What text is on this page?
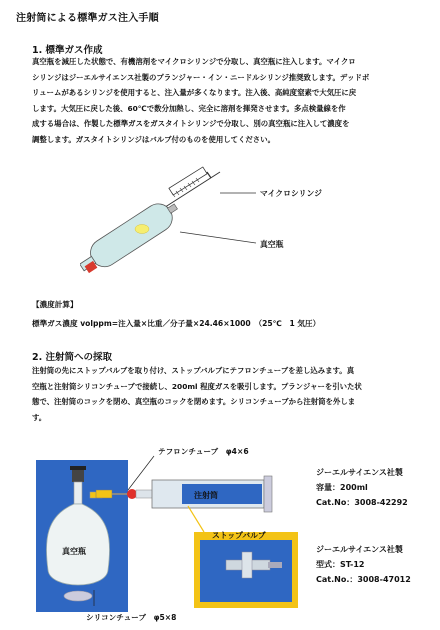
注射筒による標準ガス注入手順
1. 標準ガス作成
真空瓶を減圧した状態で、有機溶剤をマイクロシリンジで分取し、真空瓶に注入します。マイクロ
シリンジはジーエルサイエンス社製のプランジャー・イン・ニードルシリンジ推奨致します。デッドボ
リュームがあるシリンジを使用すると、注入量が多くなります。注入後、高純度窒素で大気圧に戻
します。大気圧に戻した後、60℃で数分加熱し、完全に溶剤を揮発させます。多点検量線を作
成する場合は、作製した標準ガスをガスタイトシリンジで分取し、別の真空瓶に注入して濃度を
調整します。ガスタイトシリンジはバルブ付のものを使用してください。
マイクロシリンジ
真空瓶
【濃度計算】
標準ガス濃度 volppm=注入量×比重／分子量×24.46×1000　（25℃　1 気圧）
2. 注射筒への採取
注射筒の先にストップバルブを取り付け、ストップバルブにテフロンチューブを差し込みます。真
空瓶と注射筒シリコンチューブで接続し、200ml 程度ガスを吸引します。プランジャーを引いた状
態で、注射筒のコックを閉め、真空瓶のコックを閉めます。シリコンチューブから注射筒を外しま
す。
真空瓶
注射筒
テフロンチューブ　φ4×6
ストップバルブ
シリコンチューブ　φ5×8
ジーエルサイエンス社製
容量：200ml
Cat.No：3008-42292
ジーエルサイエンス社製
型式：ST-12
Cat.No.：3008-47012
